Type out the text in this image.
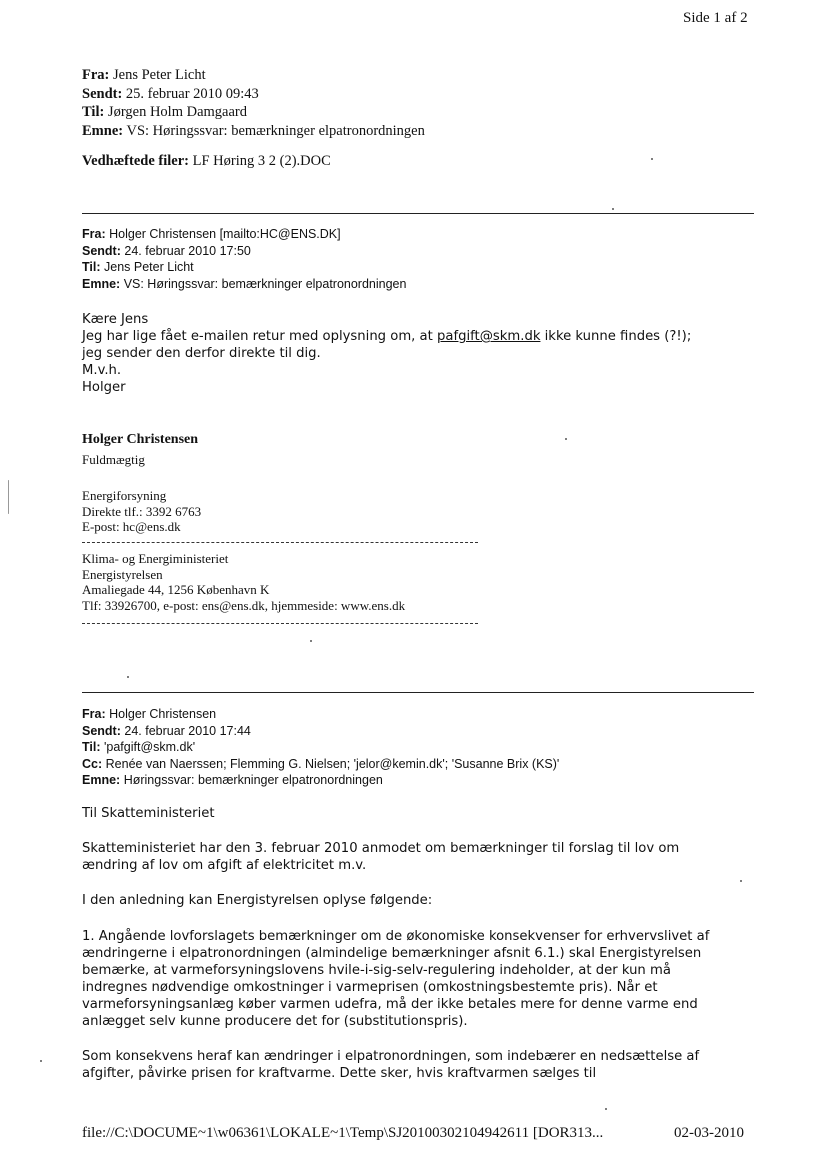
Side 1 af 2
Fra: Jens Peter Licht
Sendt: 25. februar 2010 09:43
Til: Jørgen Holm Damgaard
Emne: VS: Høringssvar: bemærkninger elpatronordningen
Vedhæftede filer: LF Høring 3 2 (2).DOC
Fra: Holger Christensen [mailto:HC@ENS.DK]
Sendt: 24. februar 2010 17:50
Til: Jens Peter Licht
Emne: VS: Høringssvar: bemærkninger elpatronordningen
Kære Jens
Jeg har lige fået e-mailen retur med oplysning om, at pafgift@skm.dk ikke kunne findes (?!);
jeg sender den derfor direkte til dig.
M.v.h.
Holger
Holger Christensen
Fuldmægtig
Energiforsyning
Direkte tlf.: 3392 6763
E-post: hc@ens.dk
Klima- og Energiministeriet
Energistyrelsen
Amaliegade 44, 1256 København K
Tlf: 33926700, e-post: ens@ens.dk, hjemmeside: www.ens.dk
Fra: Holger Christensen
Sendt: 24. februar 2010 17:44
Til: 'pafgift@skm.dk'
Cc: Renée van Naerssen; Flemming G. Nielsen; 'jelor@kemin.dk'; 'Susanne Brix (KS)'
Emne: Høringssvar: bemærkninger elpatronordningen
Til Skatteministeriet
Skatteministeriet har den 3. februar 2010 anmodet om bemærkninger til forslag til lov om
ændring af lov om afgift af elektricitet m.v.
I den anledning kan Energistyrelsen oplyse følgende:
1. Angående lovforslagets bemærkninger om de økonomiske konsekvenser for erhvervslivet af
ændringerne i elpatronordningen (almindelige bemærkninger afsnit 6.1.) skal Energistyrelsen
bemærke, at varmeforsyningslovens hvile-i-sig-selv-regulering indeholder, at der kun må
indregnes nødvendige omkostninger i varmeprisen (omkostningsbestemte pris). Når et
varmeforsyningsanlæg køber varmen udefra, må der ikke betales mere for denne varme end
anlægget selv kunne producere det for (substitutionspris).
Som konsekvens heraf kan ændringer i elpatronordningen, som indebærer en nedsættelse af
afgifter, påvirke prisen for kraftvarme. Dette sker, hvis kraftvarmen sælges til
file://C:\DOCUME~1\w06361\LOKALE~1\Temp\SJ20100302104942611 [DOR313...	02-03-2010
